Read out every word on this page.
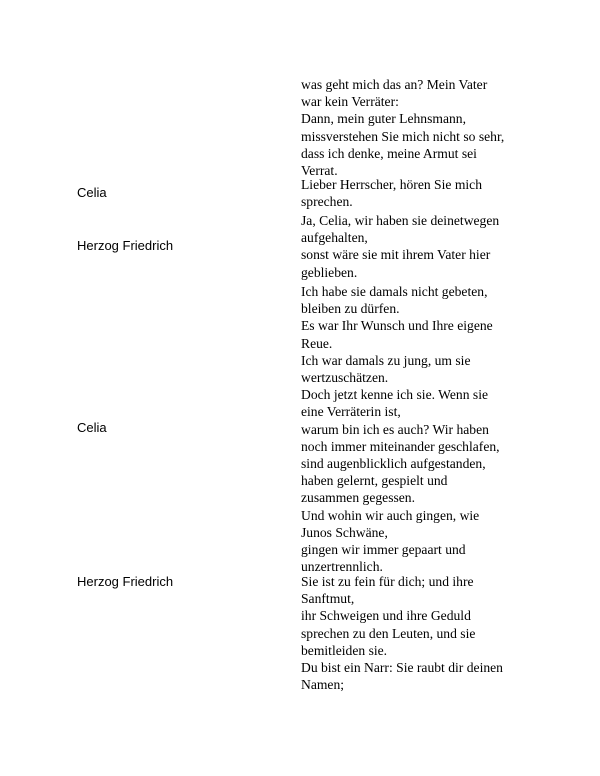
was geht mich das an? Mein Vater
war kein Verräter:
Dann, mein guter Lehnsmann,
missverstehen Sie mich nicht so sehr,
dass ich denke, meine Armut sei
Verrat.
Celia
Lieber Herrscher, hören Sie mich
sprechen.
Herzog Friedrich
Ja, Celia, wir haben sie deinetwegen
aufgehalten,
sonst wäre sie mit ihrem Vater hier
geblieben.
Celia
Ich habe sie damals nicht gebeten,
bleiben zu dürfen.
Es war Ihr Wunsch und Ihre eigene
Reue.
Ich war damals zu jung, um sie
wertzuschätzen.
Doch jetzt kenne ich sie. Wenn sie
eine Verräterin ist,
warum bin ich es auch? Wir haben
noch immer miteinander geschlafen,
sind augenblicklich aufgestanden,
haben gelernt, gespielt und
zusammen gegessen.
Und wohin wir auch gingen, wie
Junos Schwäne,
gingen wir immer gepaart und
unzertrennlich.
Herzog Friedrich	Sie ist zu fein für dich; und ihre
Sanftmut,
ihr Schweigen und ihre Geduld
sprechen zu den Leuten, und sie
bemitleiden sie.
Du bist ein Narr: Sie raubt dir deinen
Namen;
